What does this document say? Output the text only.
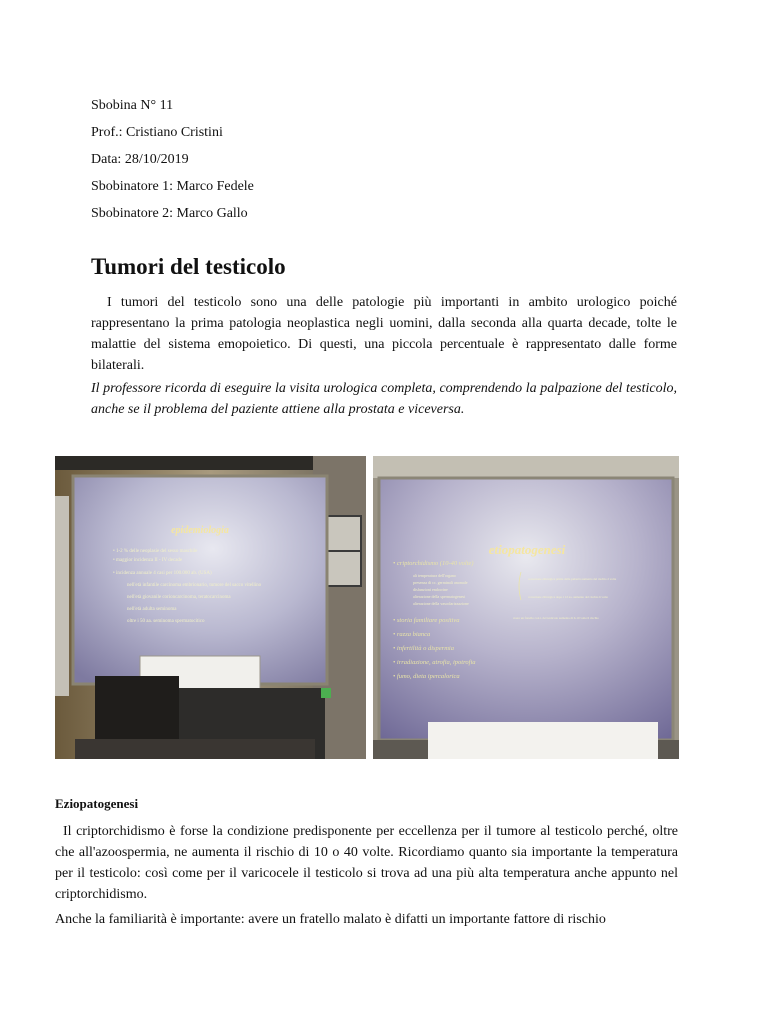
Sbobina N° 11
Prof.: Cristiano Cristini
Data: 28/10/2019
Sbobinatore 1: Marco Fedele
Sbobinatore 2: Marco Gallo
Tumori del testicolo

I tumori del testicolo sono una delle patologie più importanti in ambito urologico poiché rappresentano la prima patologia neoplastica negli uomini, dalla seconda alla quarta decade, tolte le malattie del sistema emopoietico. Di questi, una piccola percentuale è rappresentato dalle forme bilaterali.

Il professore ricorda di eseguire la visita urologica completa, comprendendo la palpazione del testicolo, anche se il problema del paziente attiene alla prostata e viceversa.

epidemiologia
• 1-2 % delle neoplasie del sesso maschile
• maggior incidenza II - IV decade
• incidenza annuale 4 casi per 100.000 ab. (USA)
nell'età infantile carcinoma embrionario, tumore del sacco vitellino
nell'età giovanile corioncarcinoma, teratocarcinoma
nell'età adulta seminoma
oltre i 50 aa. seminoma spermatocitico
etiopatogenesi
• criptorchidismo (10-40 volte)
alt temperatura dell'organo
presenza di cc. germinali anomale
disfunzioni endocrine
alterazione della spermatogenesi
alterazione della vascolarizzazione
correzione chirurgica prima della pubertà aumento del rischio 2 volte
correzione chirurgica dopo i 12 aa. aumento del rischio 6 volte
• storia familiare positiva	avere un fratello con t. del testicolo aumenta di 6-10 volte il rischio
• razza bianca
• infertilità o dispermia
• irradiazione, atrofia, ipotrofia
• fumo, dieta ipercalorica
Eziopatogenesi

Il criptorchidismo è forse la condizione predisponente per eccellenza per il tumore al testicolo perché, oltre che all'azoospermia, ne aumenta il rischio di 10 o 40 volte. Ricordiamo quanto sia importante la temperatura per il testicolo: così come per il varicocele il testicolo si trova ad una più alta temperatura anche appunto nel criptorchidismo.

Anche la familiarità è importante: avere un fratello malato è difatti un importante fattore di rischio
